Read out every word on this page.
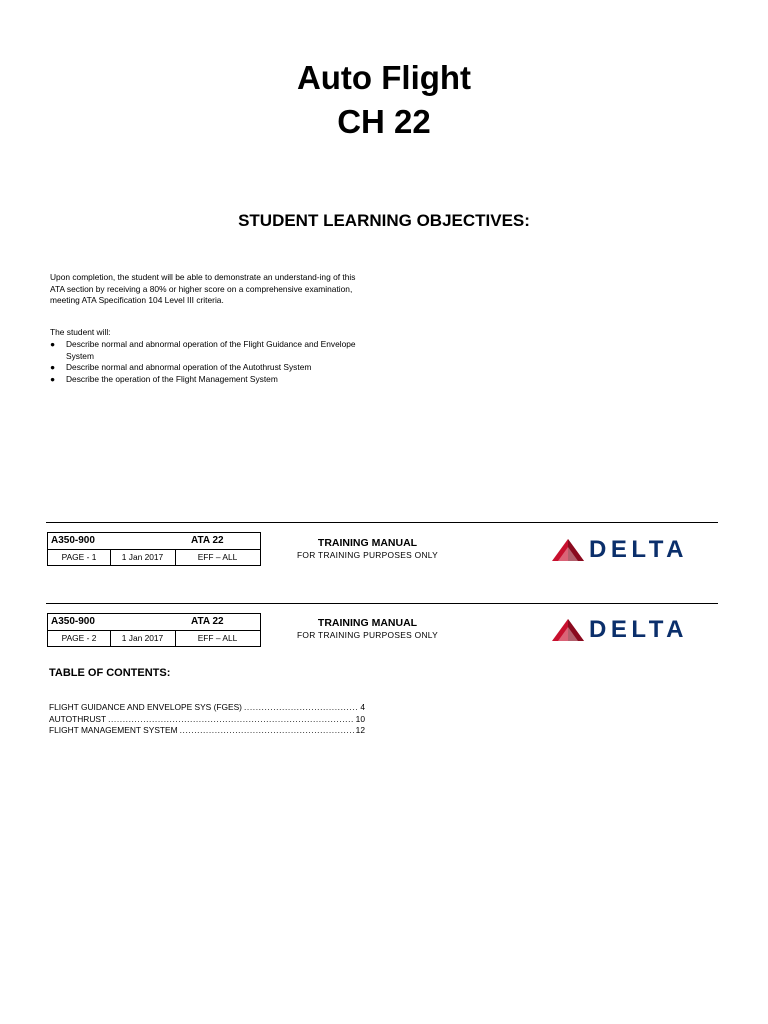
Auto Flight
CH 22
STUDENT LEARNING OBJECTIVES:
Upon completion, the student will be able to demonstrate an understand-ing of this ATA section by receiving a 80% or higher score on a comprehensive examination, meeting ATA Specification 104 Level III criteria.
The student will:
● Describe normal and abnormal operation of the Flight Guidance and Envelope System
● Describe normal and abnormal operation of the Autothrust System
● Describe the operation of the Flight Management System
A350-900	ATA 22
PAGE - 1	1 Jan 2017	EFF – ALL
TRAINING MANUAL
FOR TRAINING PURPOSES ONLY	DELTA
A350-900	ATA 22
PAGE - 2	1 Jan 2017	EFF – ALL
TRAINING MANUAL
FOR TRAINING PURPOSES ONLY	DELTA
TABLE OF CONTENTS:
FLIGHT GUIDANCE AND ENVELOPE SYS (FGES) .....	4
AUTOTHRUST .....	10
FLIGHT MANAGEMENT SYSTEM .....	12
